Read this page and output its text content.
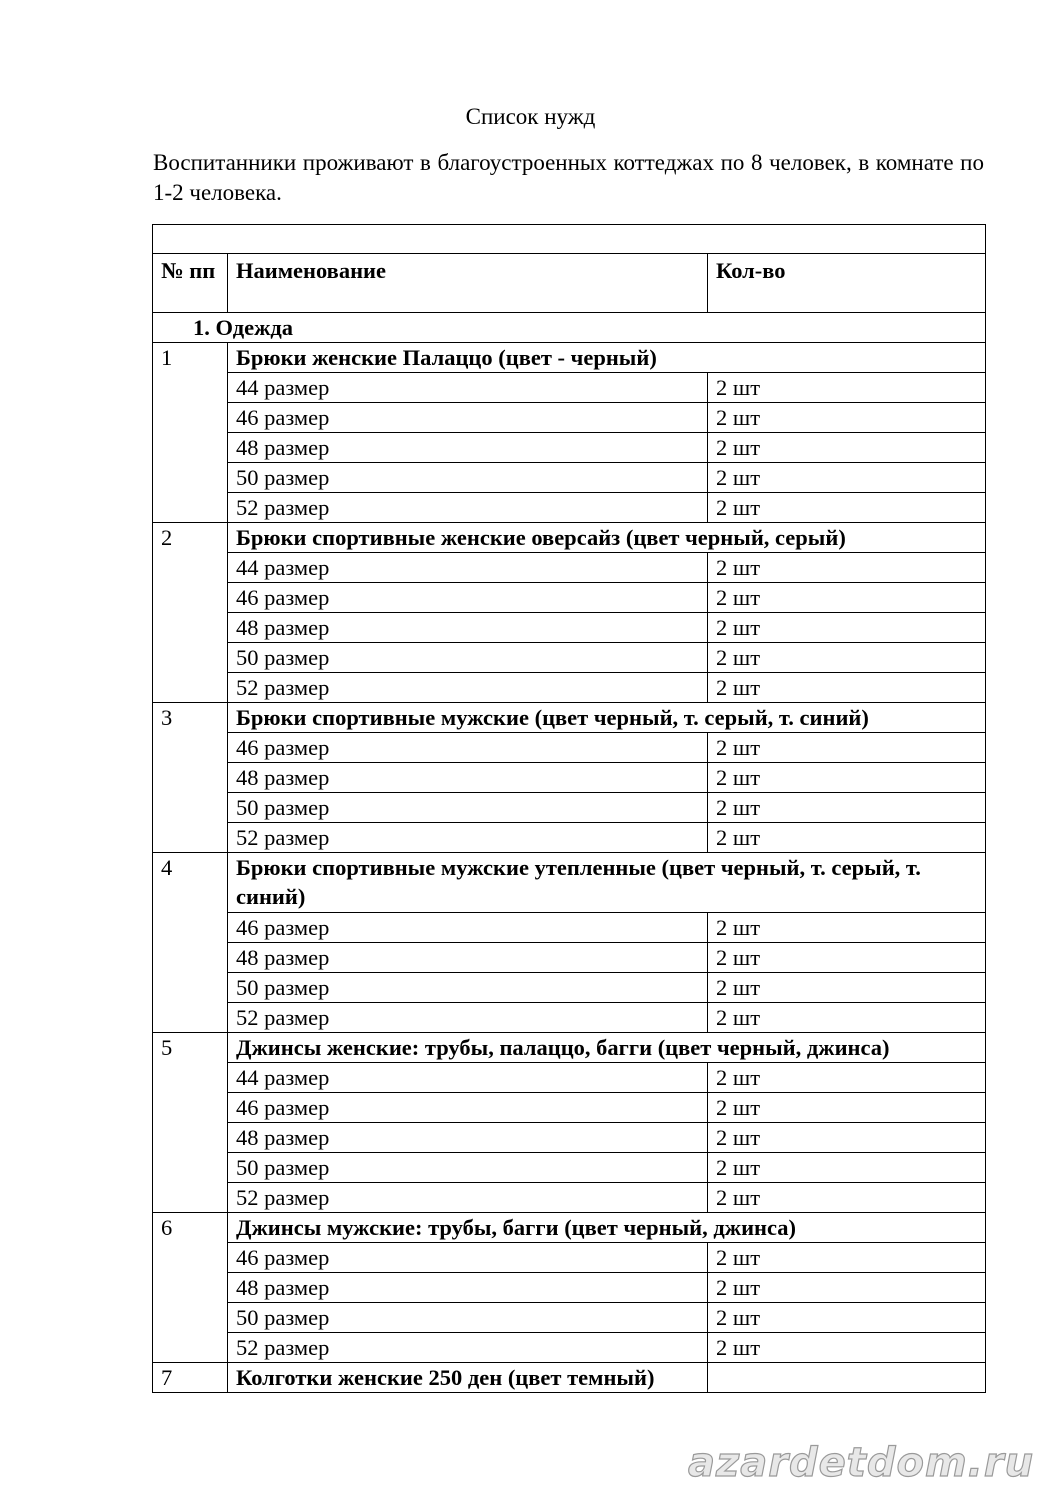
Список нужд
Воспитанники проживают в благоустроенных коттеджах по 8 человек, в комнате по 1-2 человека.

№ пп	Наименование	Кол-во
1. Одежда		
1	Брюки женские Палаццо (цвет - черный)	
	44 размер	2 шт
	46 размер	2 шт
	48 размер	2 шт
	50 размер	2 шт
	52 размер	2 шт
2	Брюки спортивные женские оверсайз (цвет черный, серый)	
	44 размер	2 шт
	46 размер	2 шт
	48 размер	2 шт
	50 размер	2 шт
	52 размер	2 шт
3	Брюки спортивные мужские (цвет черный, т. серый, т. синий)	
	46 размер	2 шт
	48 размер	2 шт
	50 размер	2 шт
	52 размер	2 шт
4	Брюки спортивные мужские утепленные (цвет черный, т. серый, т. синий)	
	46 размер	2 шт
	48 размер	2 шт
	50 размер	2 шт
	52 размер	2 шт
5	Джинсы женские: трубы, палаццо, багги (цвет черный, джинса)	
	44 размер	2 шт
	46 размер	2 шт
	48 размер	2 шт
	50 размер	2 шт
	52 размер	2 шт
6	Джинсы мужские: трубы, багги (цвет черный, джинса)	
	46 размер	2 шт
	48 размер	2 шт
	50 размер	2 шт
	52 размер	2 шт
7	Колготки женские 250 ден (цвет темный)	
azardetdom.ru
